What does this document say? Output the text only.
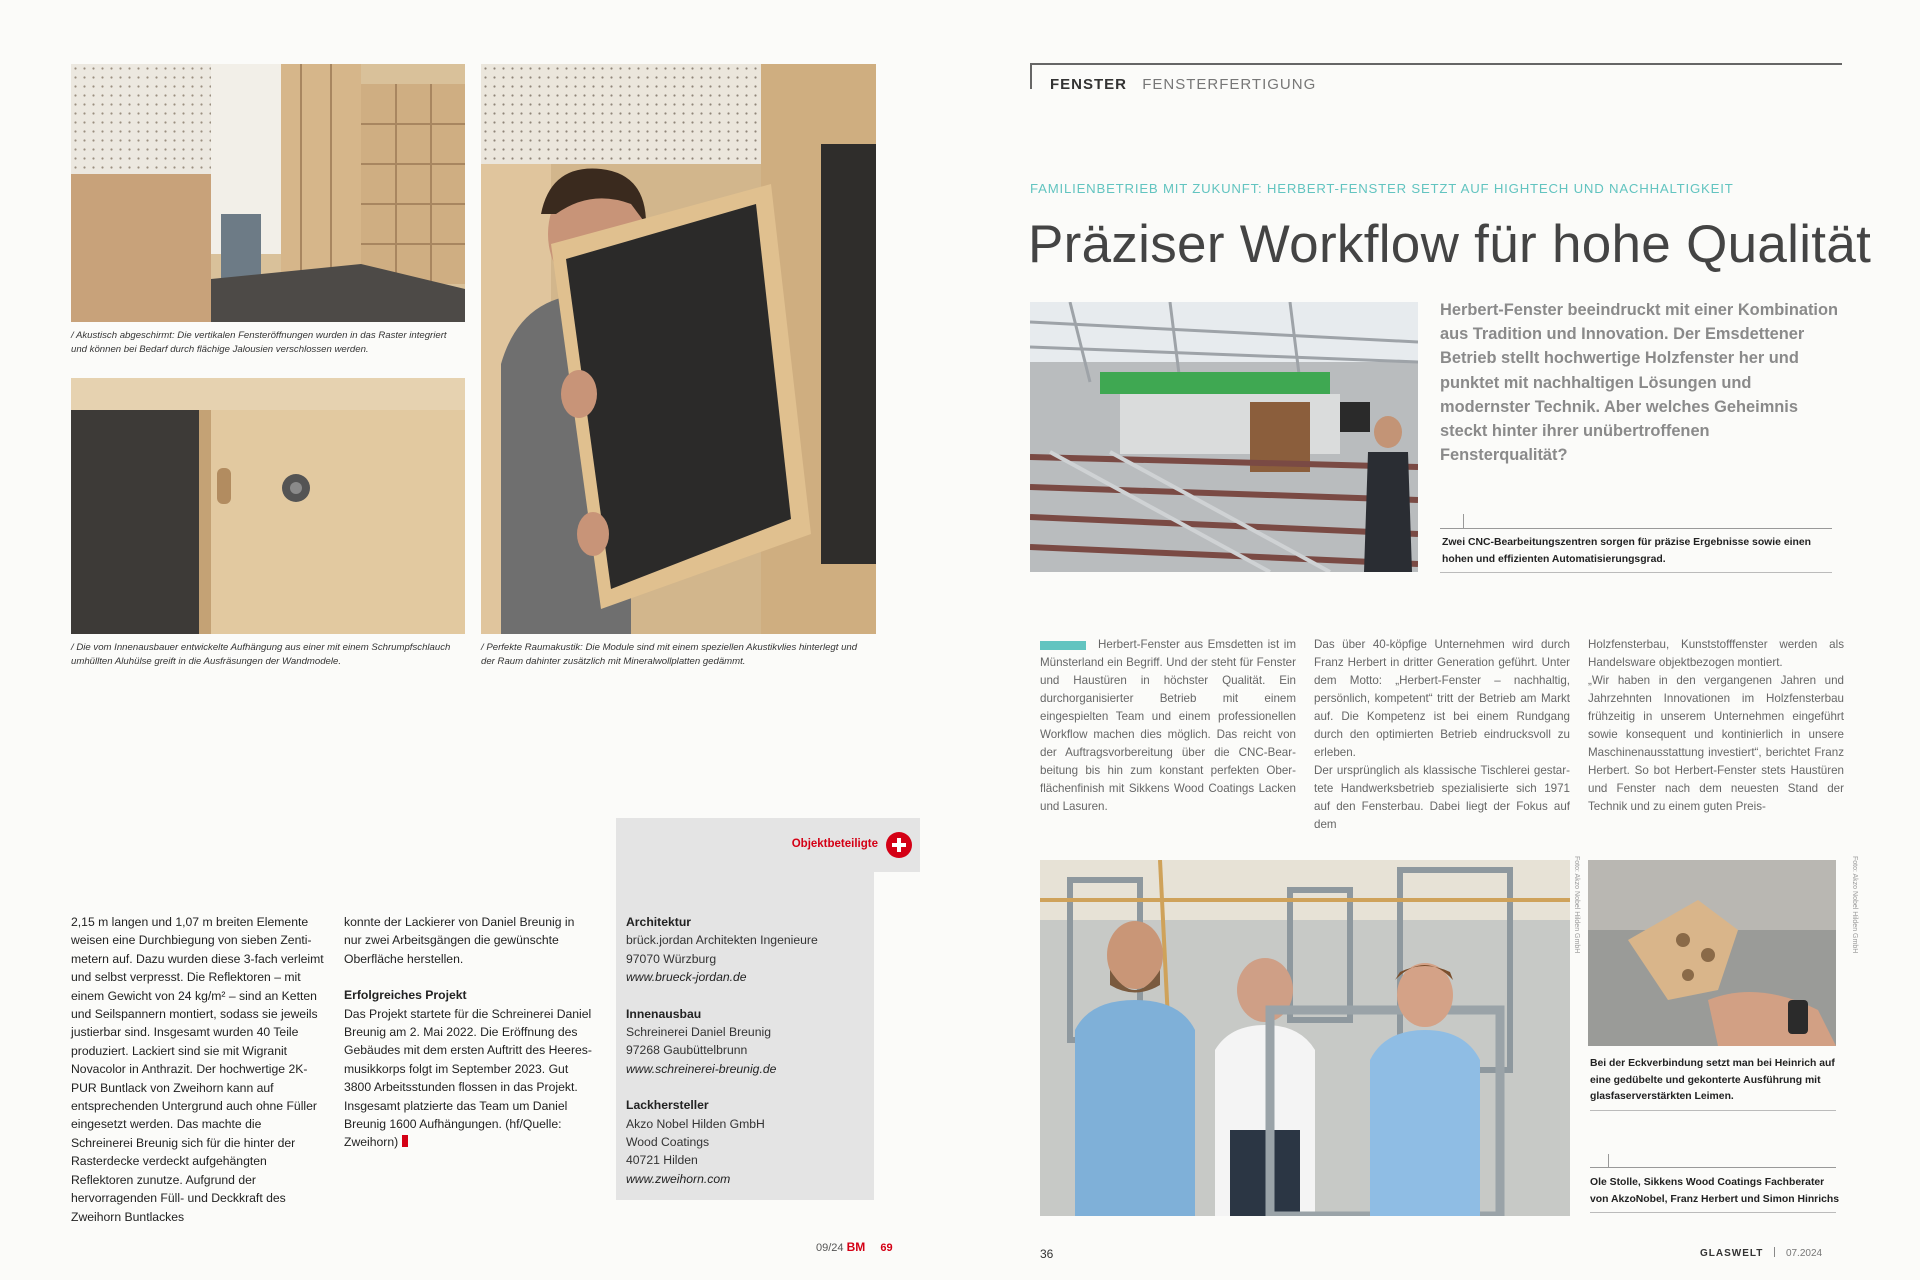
/ Akustisch abgeschirmt: Die vertikalen Fensteröffnungen wurden in das Raster integriert und können bei Bedarf durch flächige Jalousien verschlossen werden.
/ Die vom Innenausbauer entwickelte Aufhängung aus einer mit einem Schrumpfschlauch umhüllten Aluhülse greift in die Ausfräsungen der Wandmodele.
/ Perfekte Raumakustik: Die Module sind mit einem speziellen Akustikvlies hinterlegt und der Raum dahinter zusätzlich mit Mineralwollplatten gedämmt.

2,15 m langen und 1,07 m breiten Elemente weisen eine Durchbiegung von sieben Zentimetern auf. Dazu wurden diese 3-fach verleimt und selbst verpresst. Die Reflektoren – mit einem Gewicht von 24 kg/m² – sind an Ketten und Seilspannern montiert, sodass sie jeweils justierbar sind. Insgesamt wurden 40 Teile produziert. Lackiert sind sie mit Wigranit Novacolor in Anthrazit. Der hochwertige 2K-PUR Buntlack von Zweihorn kann auf entsprechenden Untergrund auch ohne Füller eingesetzt werden. Das machte die Schreinerei Breunig sich für die hinter der Rasterdecke verdeckt aufgehängten Reflektoren zunutze. Aufgrund der hervorragenden Füll- und Deckkraft des Zweihorn Buntlackes

konnte der Lackierer von Daniel Breunig in nur zwei Arbeitsgängen die gewünschte Oberfläche herstellen.

Erfolgreiches Projekt

Das Projekt startete für die Schreinerei Daniel Breunig am 2. Mai 2022. Die Eröffnung des Gebäudes mit dem ersten Auftritt des Heeresmusikkorps folgt im September 2023. Gut 3800 Arbeitsstunden flossen in das Projekt. Insgesamt platzierte das Team um Daniel Breunig 1600 Aufhängungen. (hf/Quelle: Zweihorn)

Objektbeteiligte

Architektur

brück.jordan Architekten Ingenieure

97070 Würzburg

www.brueck-jordan.de

Innenausbau

Schreinerei Daniel Breunig

97268 Gaubüttelbrunn

www.schreinerei-breunig.de

Lackhersteller

Akzo Nobel Hilden GmbH

Wood Coatings

40721 Hilden

www.zweihorn.com

09/24 BM 69
FENSTER FENSTERFERTIGUNG
FAMILIENBETRIEB MIT ZUKUNFT: HERBERT-FENSTER SETZT AUF HIGHTECH UND NACHHALTIGKEIT
Präziser Workflow für hohe Qualität
Herbert-Fenster beeindruckt mit einer Kombination aus Tradition und Innovation. Der Emsdettener Betrieb stellt hochwertige Holzfenster her und punktet mit nachhaltigen Lösungen und modernster Technik. Aber welches Geheimnis steckt hinter ihrer unübertroffenen Fensterqualität?
Zwei CNC-Bearbeitungszentren sorgen für präzise Ergebnisse sowie einen hohen und effizienten Automatisierungsgrad.

Herbert-Fenster aus Emsdetten ist im Münsterland ein Begriff. Und der steht für Fenster und Haustüren in höchster Qualität. Ein durchorganisierter Betrieb mit einem eingespielten Team und einem professionellen Workflow machen dies möglich. Das reicht von der Auftragsvorbereitung über die CNC-Bearbeitung bis hin zum konstant perfekten Oberflächenfinish mit Sikkens Wood Coatings Lacken und Lasuren.

Das über 40-köpfige Unternehmen wird durch Franz Herbert in dritter Generation geführt. Unter dem Motto: „Herbert-Fenster – nachhaltig, persönlich, kompetent“ tritt der Betrieb am Markt auf. Die Kompetenz ist bei einem Rundgang durch den optimierten Betrieb eindrucksvoll zu erleben.

Der ursprünglich als klassische Tischlerei gestartete Handwerksbetrieb spezialisierte sich 1971 auf den Fensterbau. Dabei liegt der Fokus auf dem

Holzfensterbau, Kunststofffenster werden als Handelsware objektbezogen montiert.

„Wir haben in den vergangenen Jahren und Jahrzehnten Innovationen im Holzfensterbau frühzeitig in unserem Unternehmen eingeführt sowie konsequent und kontinierlich in unsere Maschinenausstattung investiert“, berichtet Franz Herbert. So bot Herbert-Fenster stets Haustüren und Fenster nach dem neuesten Stand der Technik und zu einem guten Preis-

Foto: Akzo Nobel Hilden GmbH	Foto: Akzo Nobel Hilden GmbH
Bei der Eckverbindung setzt man bei Heinrich auf eine gedübelte und gekonterte Ausführung mit glasfaserverstärkten Leimen.
Ole Stolle, Sikkens Wood Coatings Fachberater von AkzoNobel, Franz Herbert und Simon Hinrichs
36	GLASWELT 07.2024
